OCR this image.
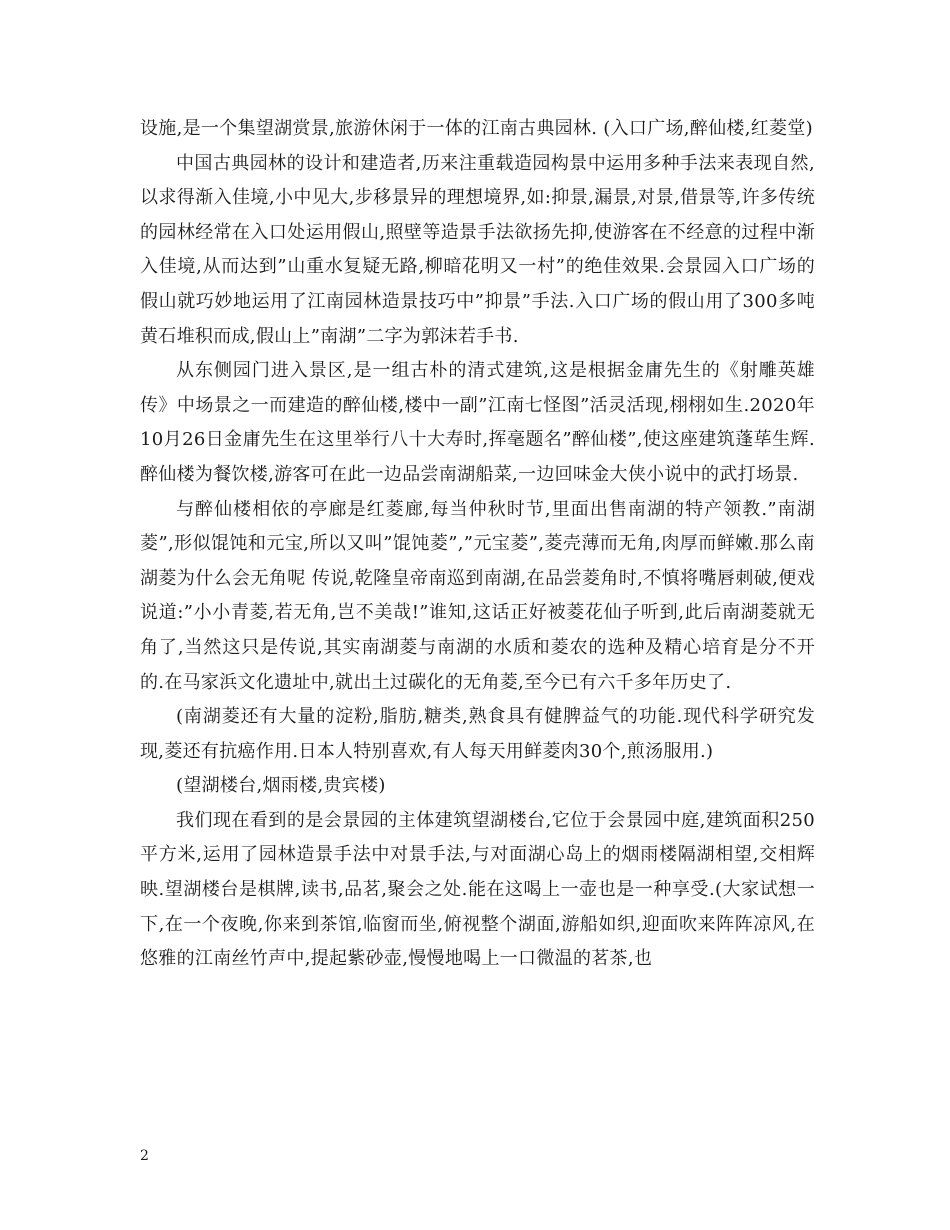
设施,是一个集望湖赏景,旅游休闲于一体的江南古典园林. (入口广场,醉仙楼,红菱堂)

中国古典园林的设计和建造者,历来注重载造园构景中运用多种手法来表现自然,以求得渐入佳境,小中见大,步移景异的理想境界,如:抑景,漏景,对景,借景等,许多传统的园林经常在入口处运用假山,照壁等造景手法欲扬先抑,使游客在不经意的过程中渐入佳境,从而达到”山重水复疑无路,柳暗花明又一村”的绝佳效果.会景园入口广场的假山就巧妙地运用了江南园林造景技巧中”抑景”手法.入口广场的假山用了300多吨黄石堆积而成,假山上”南湖”二字为郭沫若手书.

从东侧园门进入景区,是一组古朴的清式建筑,这是根据金庸先生的《射雕英雄传》中场景之一而建造的醉仙楼,楼中一副”江南七怪图”活灵活现,栩栩如生.2020年10月26日金庸先生在这里举行八十大寿时,挥毫题名”醉仙楼”,使这座建筑蓬荜生辉.醉仙楼为餐饮楼,游客可在此一边品尝南湖船菜,一边回味金大侠小说中的武打场景.

与醉仙楼相依的亭廊是红菱廊,每当仲秋时节,里面出售南湖的特产领教.”南湖菱”,形似馄饨和元宝,所以又叫”馄饨菱”,”元宝菱”,菱壳薄而无角,肉厚而鲜嫩.那么南湖菱为什么会无角呢 传说,乾隆皇帝南巡到南湖,在品尝菱角时,不慎将嘴唇刺破,便戏说道:”小小青菱,若无角,岂不美哉!”谁知,这话正好被菱花仙子听到,此后南湖菱就无角了,当然这只是传说,其实南湖菱与南湖的水质和菱农的选种及精心培育是分不开的.在马家浜文化遗址中,就出土过碳化的无角菱,至今已有六千多年历史了.

(南湖菱还有大量的淀粉,脂肪,糖类,熟食具有健脾益气的功能.现代科学研究发现,菱还有抗癌作用.日本人特别喜欢,有人每天用鲜菱肉30个,煎汤服用.)

(望湖楼台,烟雨楼,贵宾楼)

我们现在看到的是会景园的主体建筑望湖楼台,它位于会景园中庭,建筑面积250平方米,运用了园林造景手法中对景手法,与对面湖心岛上的烟雨楼隔湖相望,交相辉映.望湖楼台是棋牌,读书,品茗,聚会之处.能在这喝上一壶也是一种享受.(大家试想一下,在一个夜晚,你来到茶馆,临窗而坐,俯视整个湖面,游船如织,迎面吹来阵阵凉风,在悠雅的江南丝竹声中,提起紫砂壶,慢慢地喝上一口微温的茗茶,也

2
